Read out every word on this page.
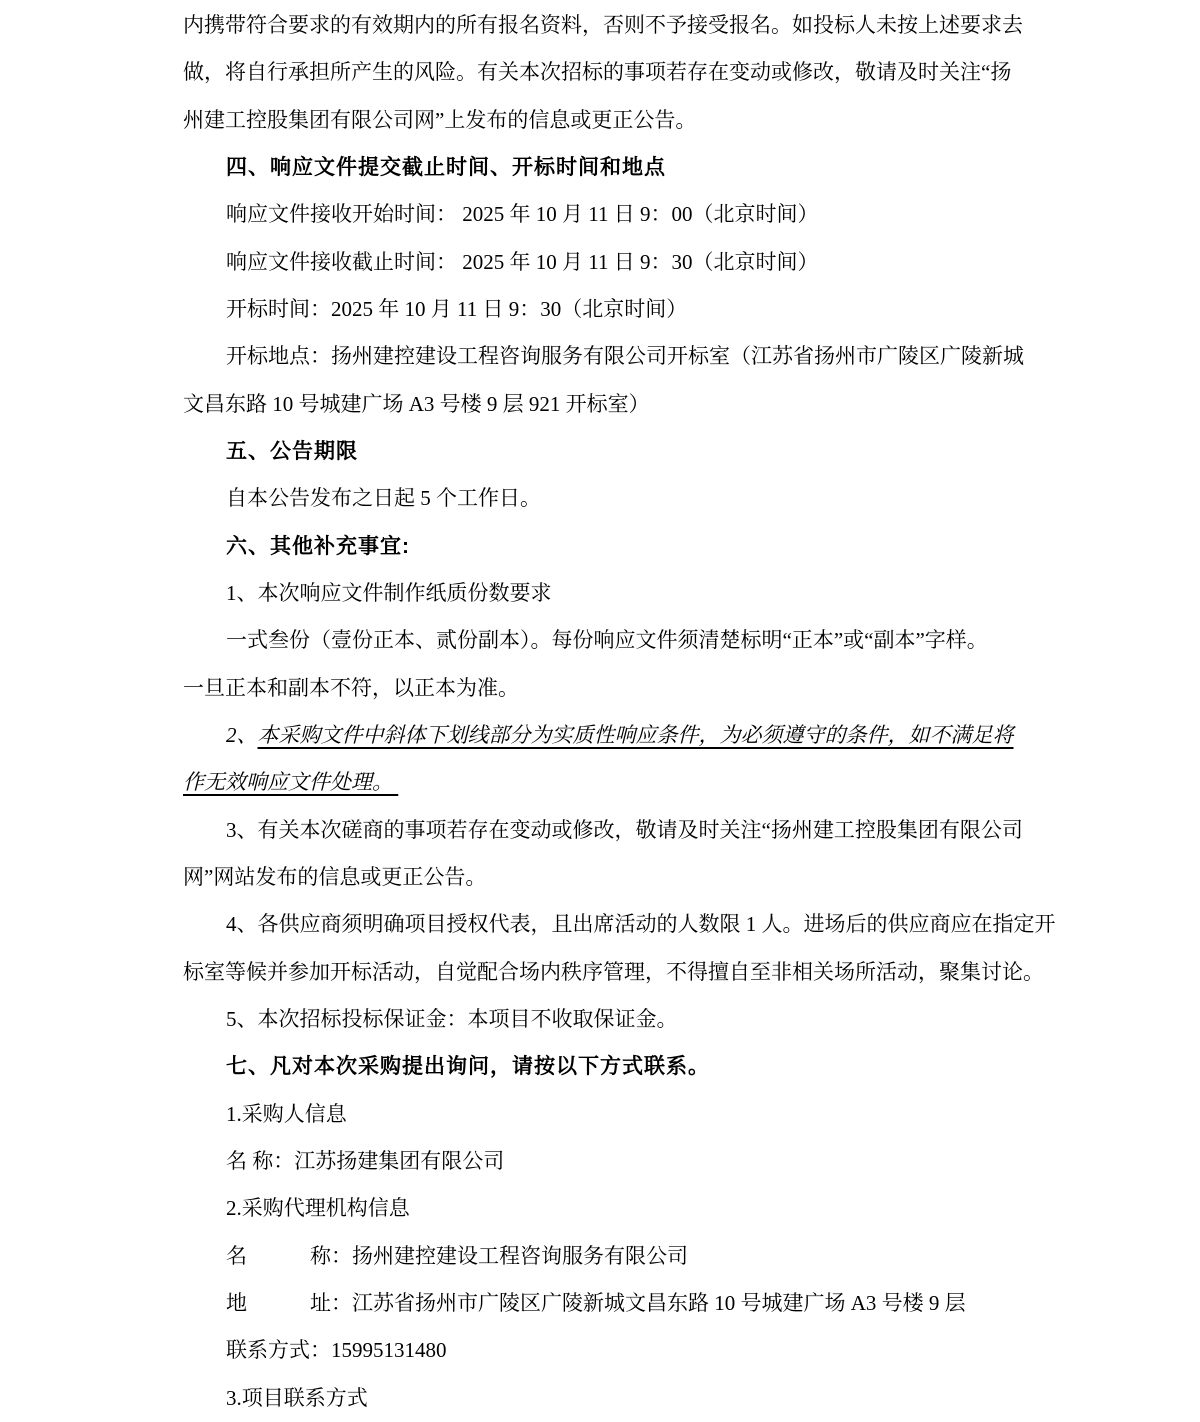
内携带符合要求的有效期内的所有报名资料，否则不予接受报名。如投标人未按上述要求去
做，将自行承担所产生的风险。有关本次招标的事项若存在变动或修改，敬请及时关注“扬
州建工控股集团有限公司网”上发布的信息或更正公告。
四、响应文件提交截止时间、开标时间和地点
响应文件接收开始时间： 2025 年 10 月 11 日 9：00（北京时间）
响应文件接收截止时间： 2025 年 10 月 11 日 9：30（北京时间）
开标时间：2025 年 10 月 11 日 9：30（北京时间）
开标地点：扬州建控建设工程咨询服务有限公司开标室（江苏省扬州市广陵区广陵新城
文昌东路 10 号城建广场 A3 号楼 9 层 921 开标室）
五、公告期限
自本公告发布之日起 5 个工作日。
六、其他补充事宜:
1、本次响应文件制作纸质份数要求
一式叁份（壹份正本、贰份副本）。每份响应文件须清楚标明“正本”或“副本”字样。
一旦正本和副本不符，以正本为准。
2、本采购文件中斜体下划线部分为实质性响应条件，为必须遵守的条件，如不满足将
作无效响应文件处理。
3、有关本次磋商的事项若存在变动或修改，敬请及时关注“扬州建工控股集团有限公司
网”网站发布的信息或更正公告。
4、各供应商须明确项目授权代表，且出席活动的人数限 1 人。进场后的供应商应在指定开
标室等候并参加开标活动，自觉配合场内秩序管理，不得擅自至非相关场所活动，聚集讨论。
5、本次招标投标保证金：本项目不收取保证金。
七、凡对本次采购提出询问，请按以下方式联系。
1.采购人信息
名 称：江苏扬建集团有限公司
2.采购代理机构信息
名　　　称：扬州建控建设工程咨询服务有限公司
地　　　址：江苏省扬州市广陵区广陵新城文昌东路 10 号城建广场 A3 号楼 9 层
联系方式：15995131480
3.项目联系方式
